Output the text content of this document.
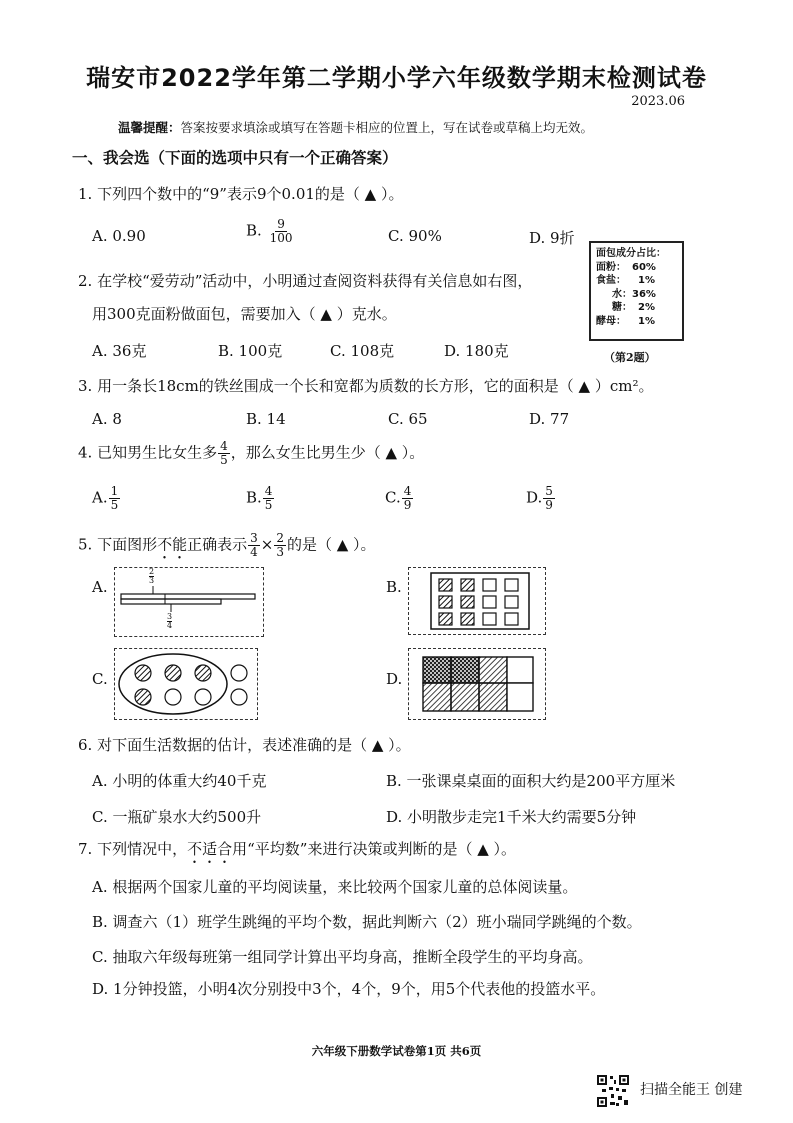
瑞安市2022学年第二学期小学六年级数学期末检测试卷
2023.06
温馨提醒：答案按要求填涂或填写在答题卡相应的位置上，写在试卷或草稿上均无效。
一、我会选（下面的选项中只有一个正确答案）
1. 下列四个数中的“9”表示9个0.01的是（ ▲ ）。
A. 0.90	B. $\frac{9}{100}$	C. 90%	D. 9折
2. 在学校“爱劳动”活动中，小明通过查阅资料获得有关信息如右图，
用300克面粉做面包，需要加入（ ▲ ）克水。
A. 36克	B. 100克	C. 108克	D. 180克
面包成分占比：
面粉： 60%
食盐：	1%
水： 36%
糖： 2%
酵母：	1%
（第2题）
3. 用一条长18cm的铁丝围成一个长和宽都为质数的长方形，它的面积是（ ▲ ）cm²。
A. 8	B. 14	C. 65	D. 77
4. 已知男生比女生多 $\frac{4}{5}$ ，那么女生比男生少（ ▲ ）。
A. $\frac{1}{5}$	B. $\frac{4}{5}$	C. $\frac{4}{9}$	D. $\frac{5}{9}$
5. 下面图形不能正确表示 $\frac{3}{4} \times \frac{2}{3}$ 的是（ ▲ ）。
A.
$\frac{2}{3}$
$\frac{3}{4}$
B.
C.	D.
6. 对下面生活数据的估计，表述准确的是（ ▲ ）。
A. 小明的体重大约40千克	B. 一张课桌桌面的面积大约是200平方厘米
C. 一瓶矿泉水大约500升	D. 小明散步走完1千米大约需要5分钟
7. 下列情况中，不适合用“平均数”来进行决策或判断的是（ ▲ ）。
A. 根据两个国家儿童的平均阅读量，来比较两个国家儿童的总体阅读量。
B. 调查六（1）班学生跳绳的平均个数，据此判断六（2）班小瑞同学跳绳的个数。
C. 抽取六年级每班第一组同学计算出平均身高，推断全段学生的平均身高。
D. 1分钟投篮，小明4次分别投中3个，4个，9个，用5个代表他的投篮水平。
六年级下册数学试卷第1页 共6页
扫描全能王 创建
